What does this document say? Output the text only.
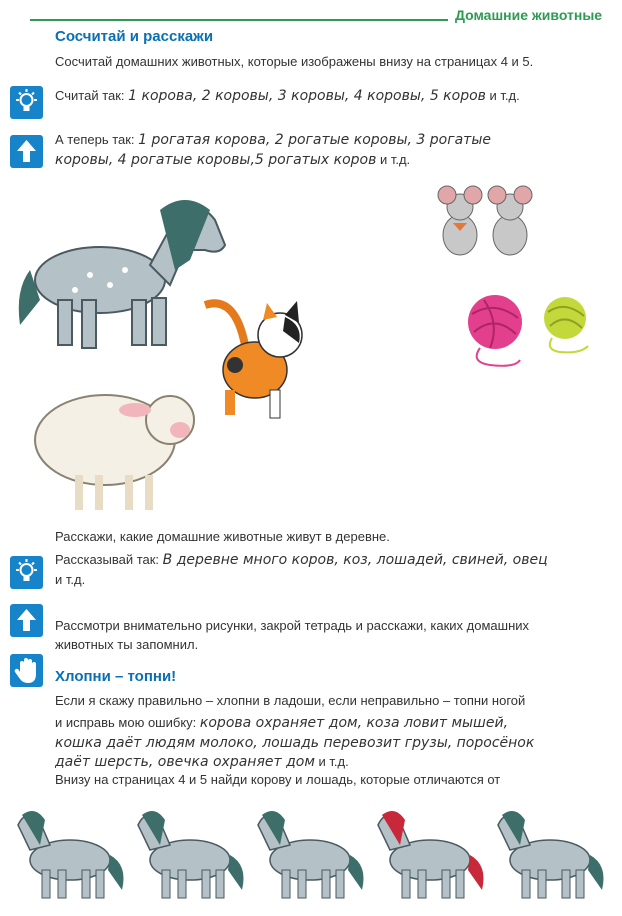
Домашние животные
Сосчитай и расскажи
Сосчитай домашних животных, которые изображены внизу на страницах 4 и 5.
Считай так: 1 корова, 2 коровы, 3 коровы, 4 коровы, 5 коров и т.д.
А теперь так: 1 рогатая корова, 2 рогатые коровы, 3 рогатые
коровы, 4 рогатые коровы,5 рогатых коров и т.д.
Расскажи, какие домашние животные живут в деревне.
Рассказывай так: В деревне много коров, коз, лошадей, свиней, овец
и т.д.
Рассмотри внимательно рисунки, закрой тетрадь и расскажи, каких домашних
животных ты запомнил.
Хлопни – топни!
Если я скажу правильно – хлопни в ладоши, если неправильно – топни ногой
и исправь мою ошибку: корова охраняет дом, коза ловит мышей,
кошка даёт людям молоко, лошадь перевозит грузы, поросёнок
даёт шерсть, овечка охраняет дом и т.д.
Внизу на страницах 4 и 5 найди корову и лошадь, которые отличаются от
